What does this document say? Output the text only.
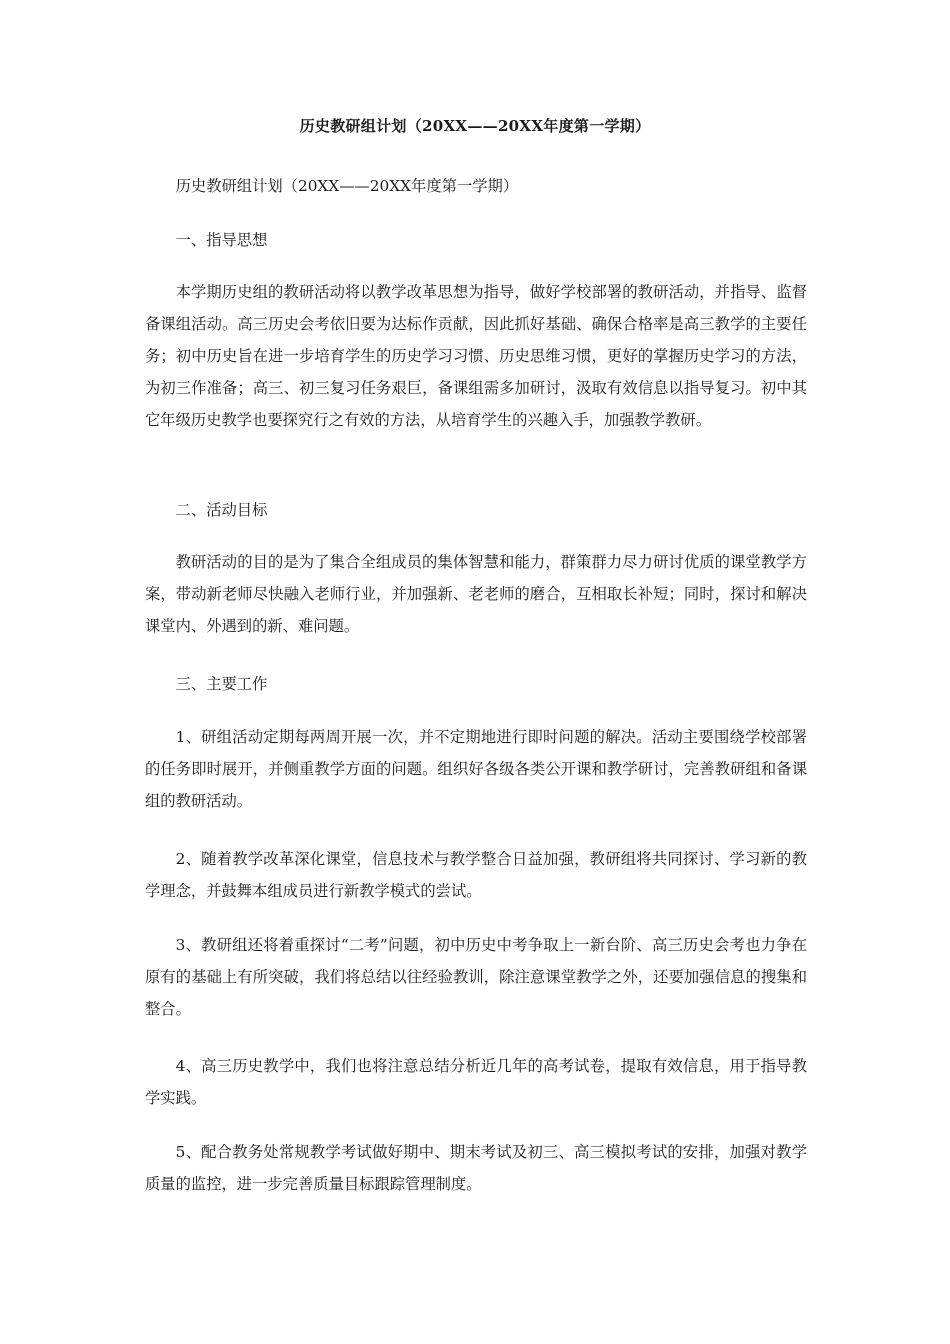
历史教研组计划（20XX——20XX年度第一学期）
历史教研组计划（20XX——20XX年度第一学期）
一、指导思想
本学期历史组的教研活动将以教学改革思想为指导，做好学校部署的教研活动，并指导、监督备课组活动。高三历史会考依旧要为达标作贡献，因此抓好基础、确保合格率是高三教学的主要任务；初中历史旨在进一步培育学生的历史学习习惯、历史思维习惯，更好的掌握历史学习的方法，为初三作准备；高三、初三复习任务艰巨，备课组需多加研讨，汲取有效信息以指导复习。初中其它年级历史教学也要探究行之有效的方法，从培育学生的兴趣入手，加强教学教研。
二、活动目标
教研活动的目的是为了集合全组成员的集体智慧和能力，群策群力尽力研讨优质的课堂教学方案，带动新老师尽快融入老师行业，并加强新、老老师的磨合，互相取长补短；同时，探讨和解决课堂内、外遇到的新、难问题。
三、主要工作
1、研组活动定期每两周开展一次，并不定期地进行即时问题的解决。活动主要围绕学校部署的任务即时展开，并侧重教学方面的问题。组织好各级各类公开课和教学研讨，完善教研组和备课组的教研活动。
2、随着教学改革深化课堂，信息技术与教学整合日益加强，教研组将共同探讨、学习新的教学理念，并鼓舞本组成员进行新教学模式的尝试。
3、教研组还将着重探讨“二考”问题，初中历史中考争取上一新台阶、高三历史会考也力争在原有的基础上有所突破，我们将总结以往经验教训，除注意课堂教学之外，还要加强信息的搜集和整合。
4、高三历史教学中，我们也将注意总结分析近几年的高考试卷，提取有效信息，用于指导教学实践。
5、配合教务处常规教学考试做好期中、期末考试及初三、高三模拟考试的安排，加强对教学质量的监控，进一步完善质量目标跟踪管理制度。
